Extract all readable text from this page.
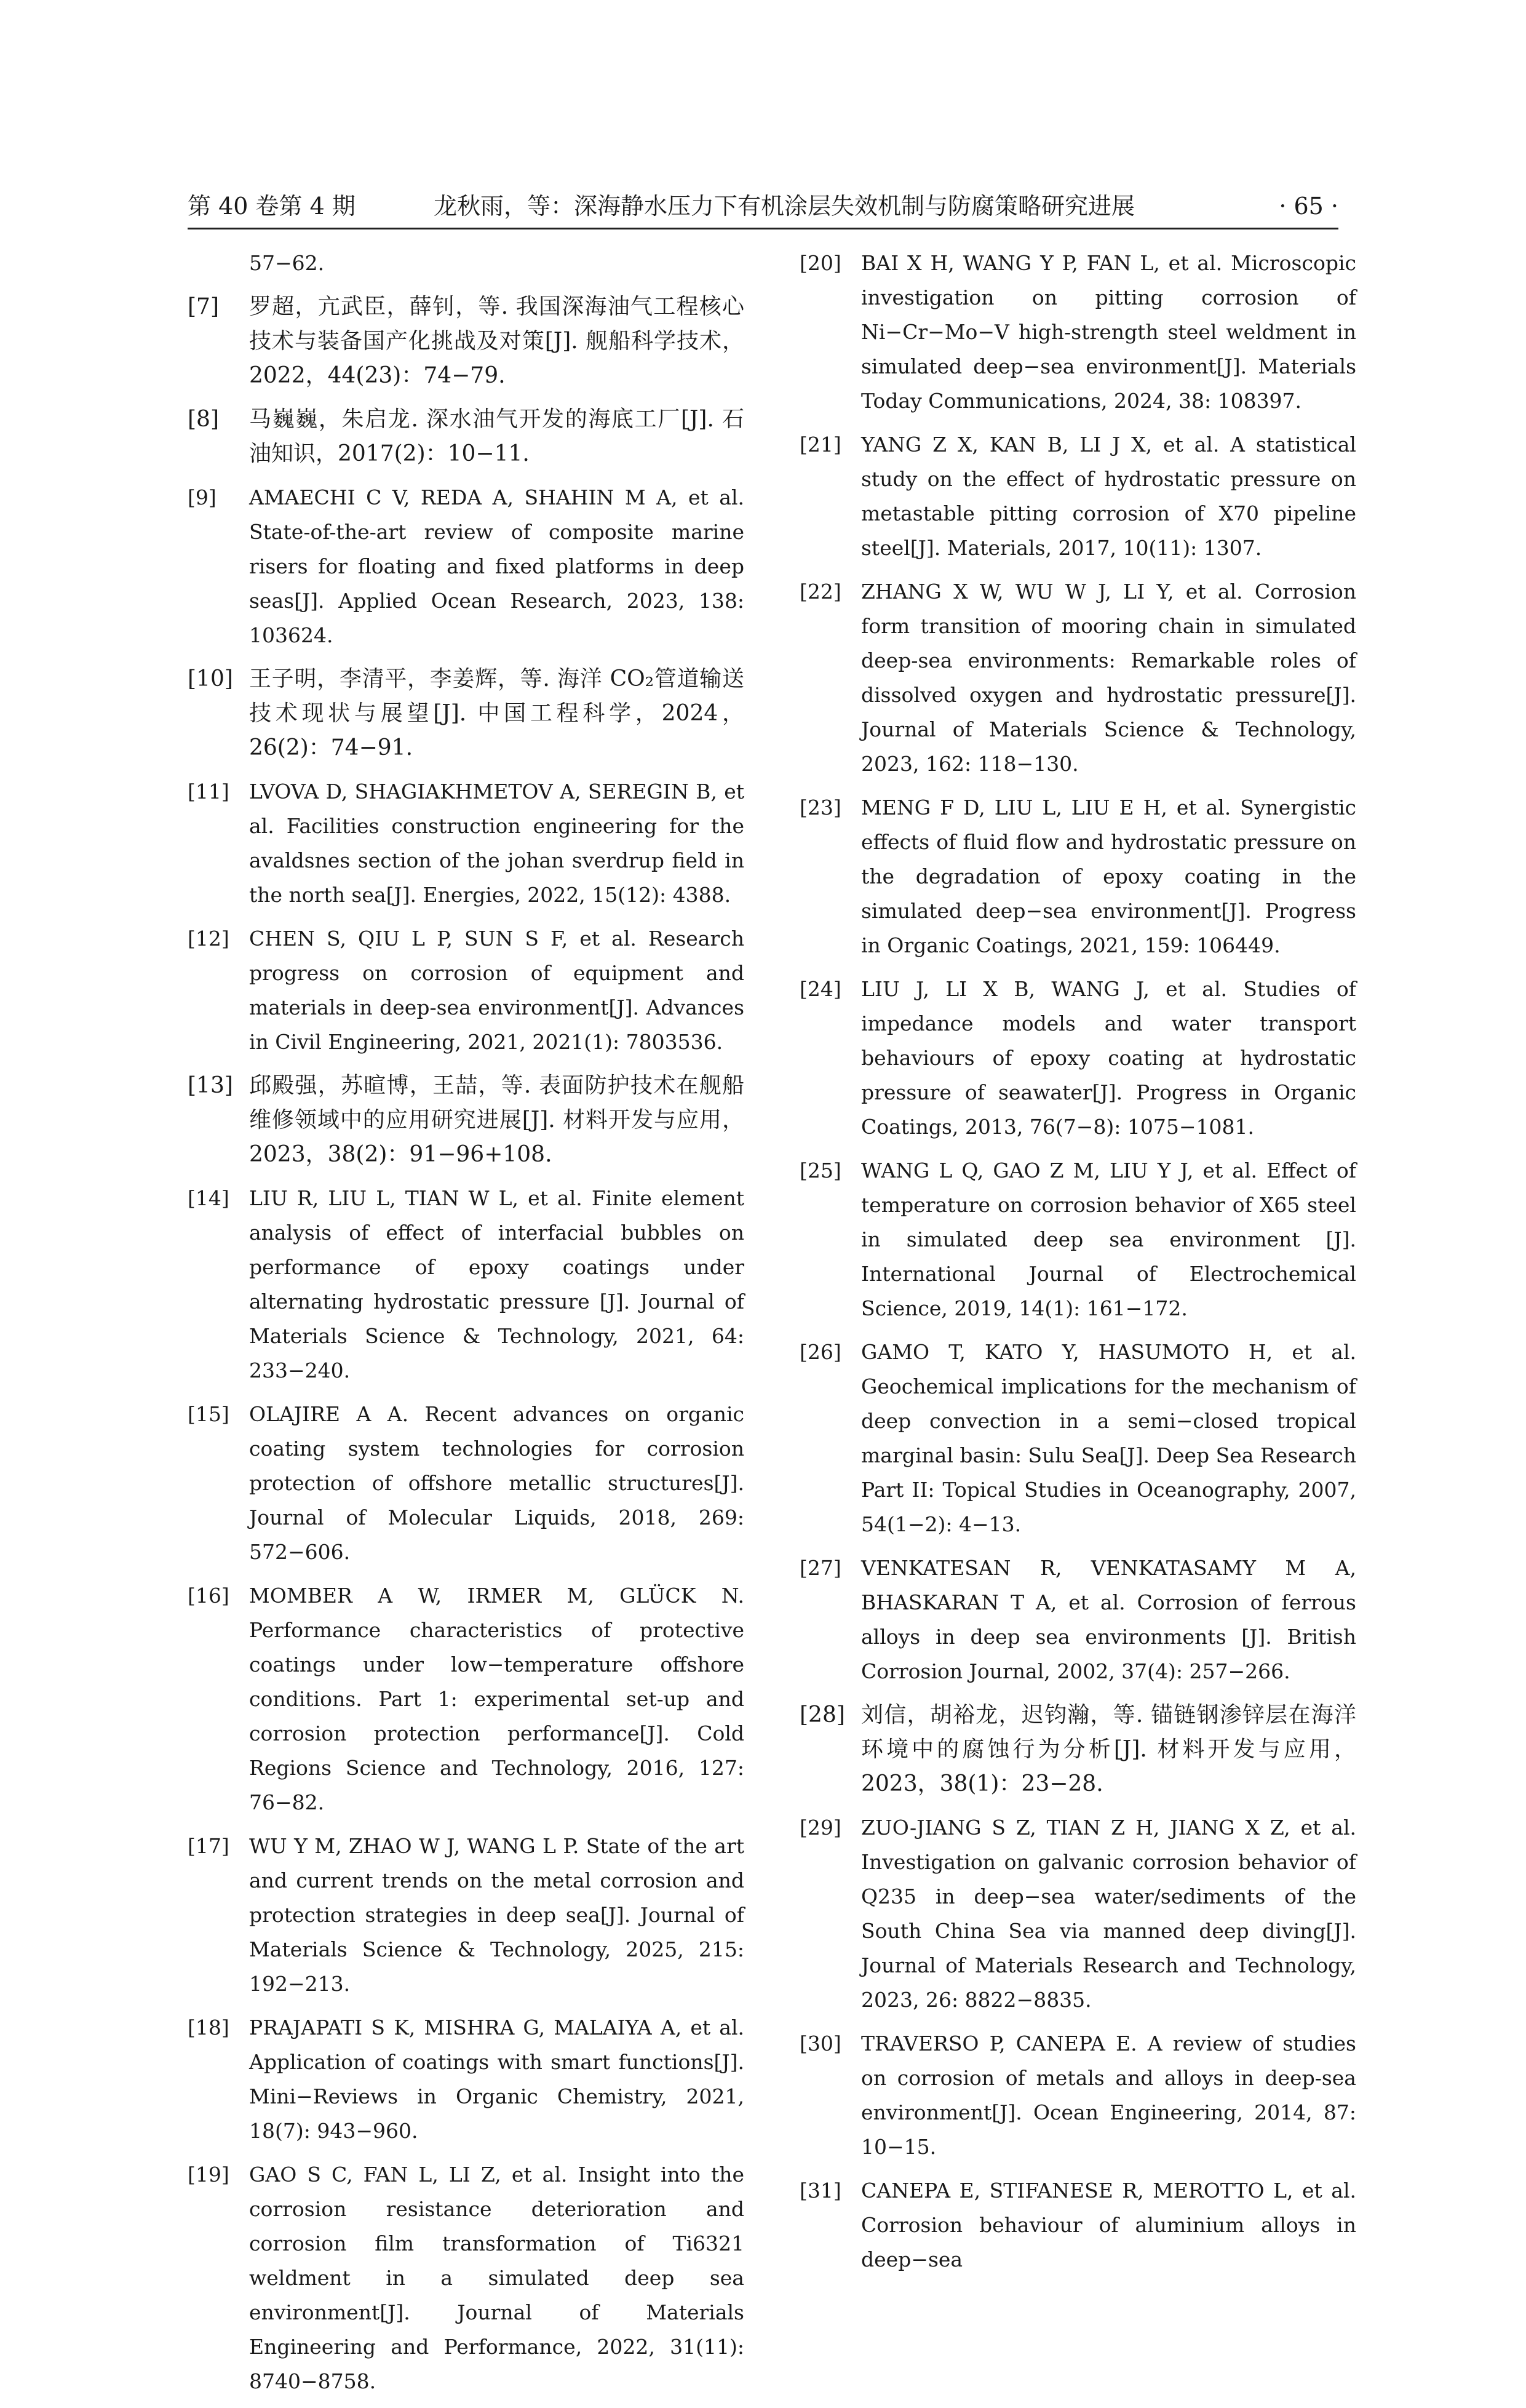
第 40 卷第 4 期	龙秋雨，等：深海静水压力下有机涂层失效机制与防腐策略研究进展	· 65 ·
57−62.
[7]	罗超，亢武臣，薛钊，等. 我国深海油气工程核心技术与装备国产化挑战及对策[J]. 舰船科学技术，2022，44(23)：74−79.
[8]	马巍巍，朱启龙. 深水油气开发的海底工厂[J]. 石油知识，2017(2)：10−11.
[9]	AMAECHI C V, REDA A, SHAHIN M A, et al. State-of-the-art review of composite marine risers for floating and fixed platforms in deep seas[J]. Applied Ocean Research, 2023, 138: 103624.
[10] 王子明，李清平，李姜辉，等. 海洋 CO₂管道输送技术现状与展望[J]. 中国工程科学，2024，26(2)：74−91.
[11] LVOVA D, SHAGIAKHMETOV A, SEREGIN B, et al. Facilities construction engineering for the avaldsnes section of the johan sverdrup field in the north sea[J]. Energies, 2022, 15(12): 4388.
[12] CHEN S, QIU L P, SUN S F, et al. Research progress on corrosion of equipment and materials in deep-sea environment[J]. Advances in Civil Engineering, 2021, 2021(1): 7803536.
[13] 邱殿强，苏暄博，王喆，等. 表面防护技术在舰船维修领域中的应用研究进展[J]. 材料开发与应用，2023，38(2)：91−96+108.
[14] LIU R, LIU L, TIAN W L, et al. Finite element analysis of effect of interfacial bubbles on performance of epoxy coatings under alternating hydrostatic pressure [J]. Journal of Materials Science & Technology, 2021, 64: 233−240.
[15] OLAJIRE A A. Recent advances on organic coating system technologies for corrosion protection of offshore metallic structures[J]. Journal of Molecular Liquids, 2018, 269: 572−606.
[16] MOMBER A W, IRMER M, GLÜCK N. Performance characteristics of protective coatings under low−temperature offshore conditions. Part 1: experimental set-up and corrosion protection performance[J]. Cold Regions Science and Technology, 2016, 127: 76−82.
[17] WU Y M, ZHAO W J, WANG L P. State of the art and current trends on the metal corrosion and protection strategies in deep sea[J]. Journal of Materials Science & Technology, 2025, 215: 192−213.
[18] PRAJAPATI S K, MISHRA G, MALAIYA A, et al. Application of coatings with smart functions[J]. Mini−Reviews in Organic Chemistry, 2021, 18(7): 943−960.
[19] GAO S C, FAN L, LI Z, et al. Insight into the corrosion resistance deterioration and corrosion film transformation of Ti6321 weldment in a simulated deep sea environment[J]. Journal of Materials Engineering and Performance, 2022, 31(11): 8740−8758.
[20] BAI X H, WANG Y P, FAN L, et al. Microscopic investigation on pitting corrosion of Ni−Cr−Mo−V high-strength steel weldment in simulated deep−sea environment[J]. Materials Today Communications, 2024, 38: 108397.
[21] YANG Z X, KAN B, LI J X, et al. A statistical study on the effect of hydrostatic pressure on metastable pitting corrosion of X70 pipeline steel[J]. Materials, 2017, 10(11): 1307.
[22] ZHANG X W, WU W J, LI Y, et al. Corrosion form transition of mooring chain in simulated deep-sea environments: Remarkable roles of dissolved oxygen and hydrostatic pressure[J]. Journal of Materials Science & Technology, 2023, 162: 118−130.
[23] MENG F D, LIU L, LIU E H, et al. Synergistic effects of fluid flow and hydrostatic pressure on the degradation of epoxy coating in the simulated deep−sea environment[J]. Progress in Organic Coatings, 2021, 159: 106449.
[24] LIU J, LI X B, WANG J, et al. Studies of impedance models and water transport behaviours of epoxy coating at hydrostatic pressure of seawater[J]. Progress in Organic Coatings, 2013, 76(7−8): 1075−1081.
[25] WANG L Q, GAO Z M, LIU Y J, et al. Effect of temperature on corrosion behavior of X65 steel in simulated deep sea environment [J]. International Journal of Electrochemical Science, 2019, 14(1): 161−172.
[26] GAMO T, KATO Y, HASUMOTO H, et al. Geochemical implications for the mechanism of deep convection in a semi−closed tropical marginal basin: Sulu Sea[J]. Deep Sea Research Part II: Topical Studies in Oceanography, 2007, 54(1−2): 4−13.
[27] VENKATESAN R, VENKATASAMY M A, BHASKARAN T A, et al. Corrosion of ferrous alloys in deep sea environments [J]. British Corrosion Journal, 2002, 37(4): 257−266.
[28] 刘信，胡裕龙，迟钧瀚，等. 锚链钢渗锌层在海洋环境中的腐蚀行为分析[J]. 材料开发与应用，2023，38(1)：23−28.
[29] ZUO-JIANG S Z, TIAN Z H, JIANG X Z, et al. Investigation on galvanic corrosion behavior of Q235 in deep−sea water/sediments of the South China Sea via manned deep diving[J]. Journal of Materials Research and Technology, 2023, 26: 8822−8835.
[30] TRAVERSO P, CANEPA E. A review of studies on corrosion of metals and alloys in deep-sea environment[J]. Ocean Engineering, 2014, 87: 10−15.
[31] CANEPA E, STIFANESE R, MEROTTO L, et al. Corrosion behaviour of aluminium alloys in deep−sea
